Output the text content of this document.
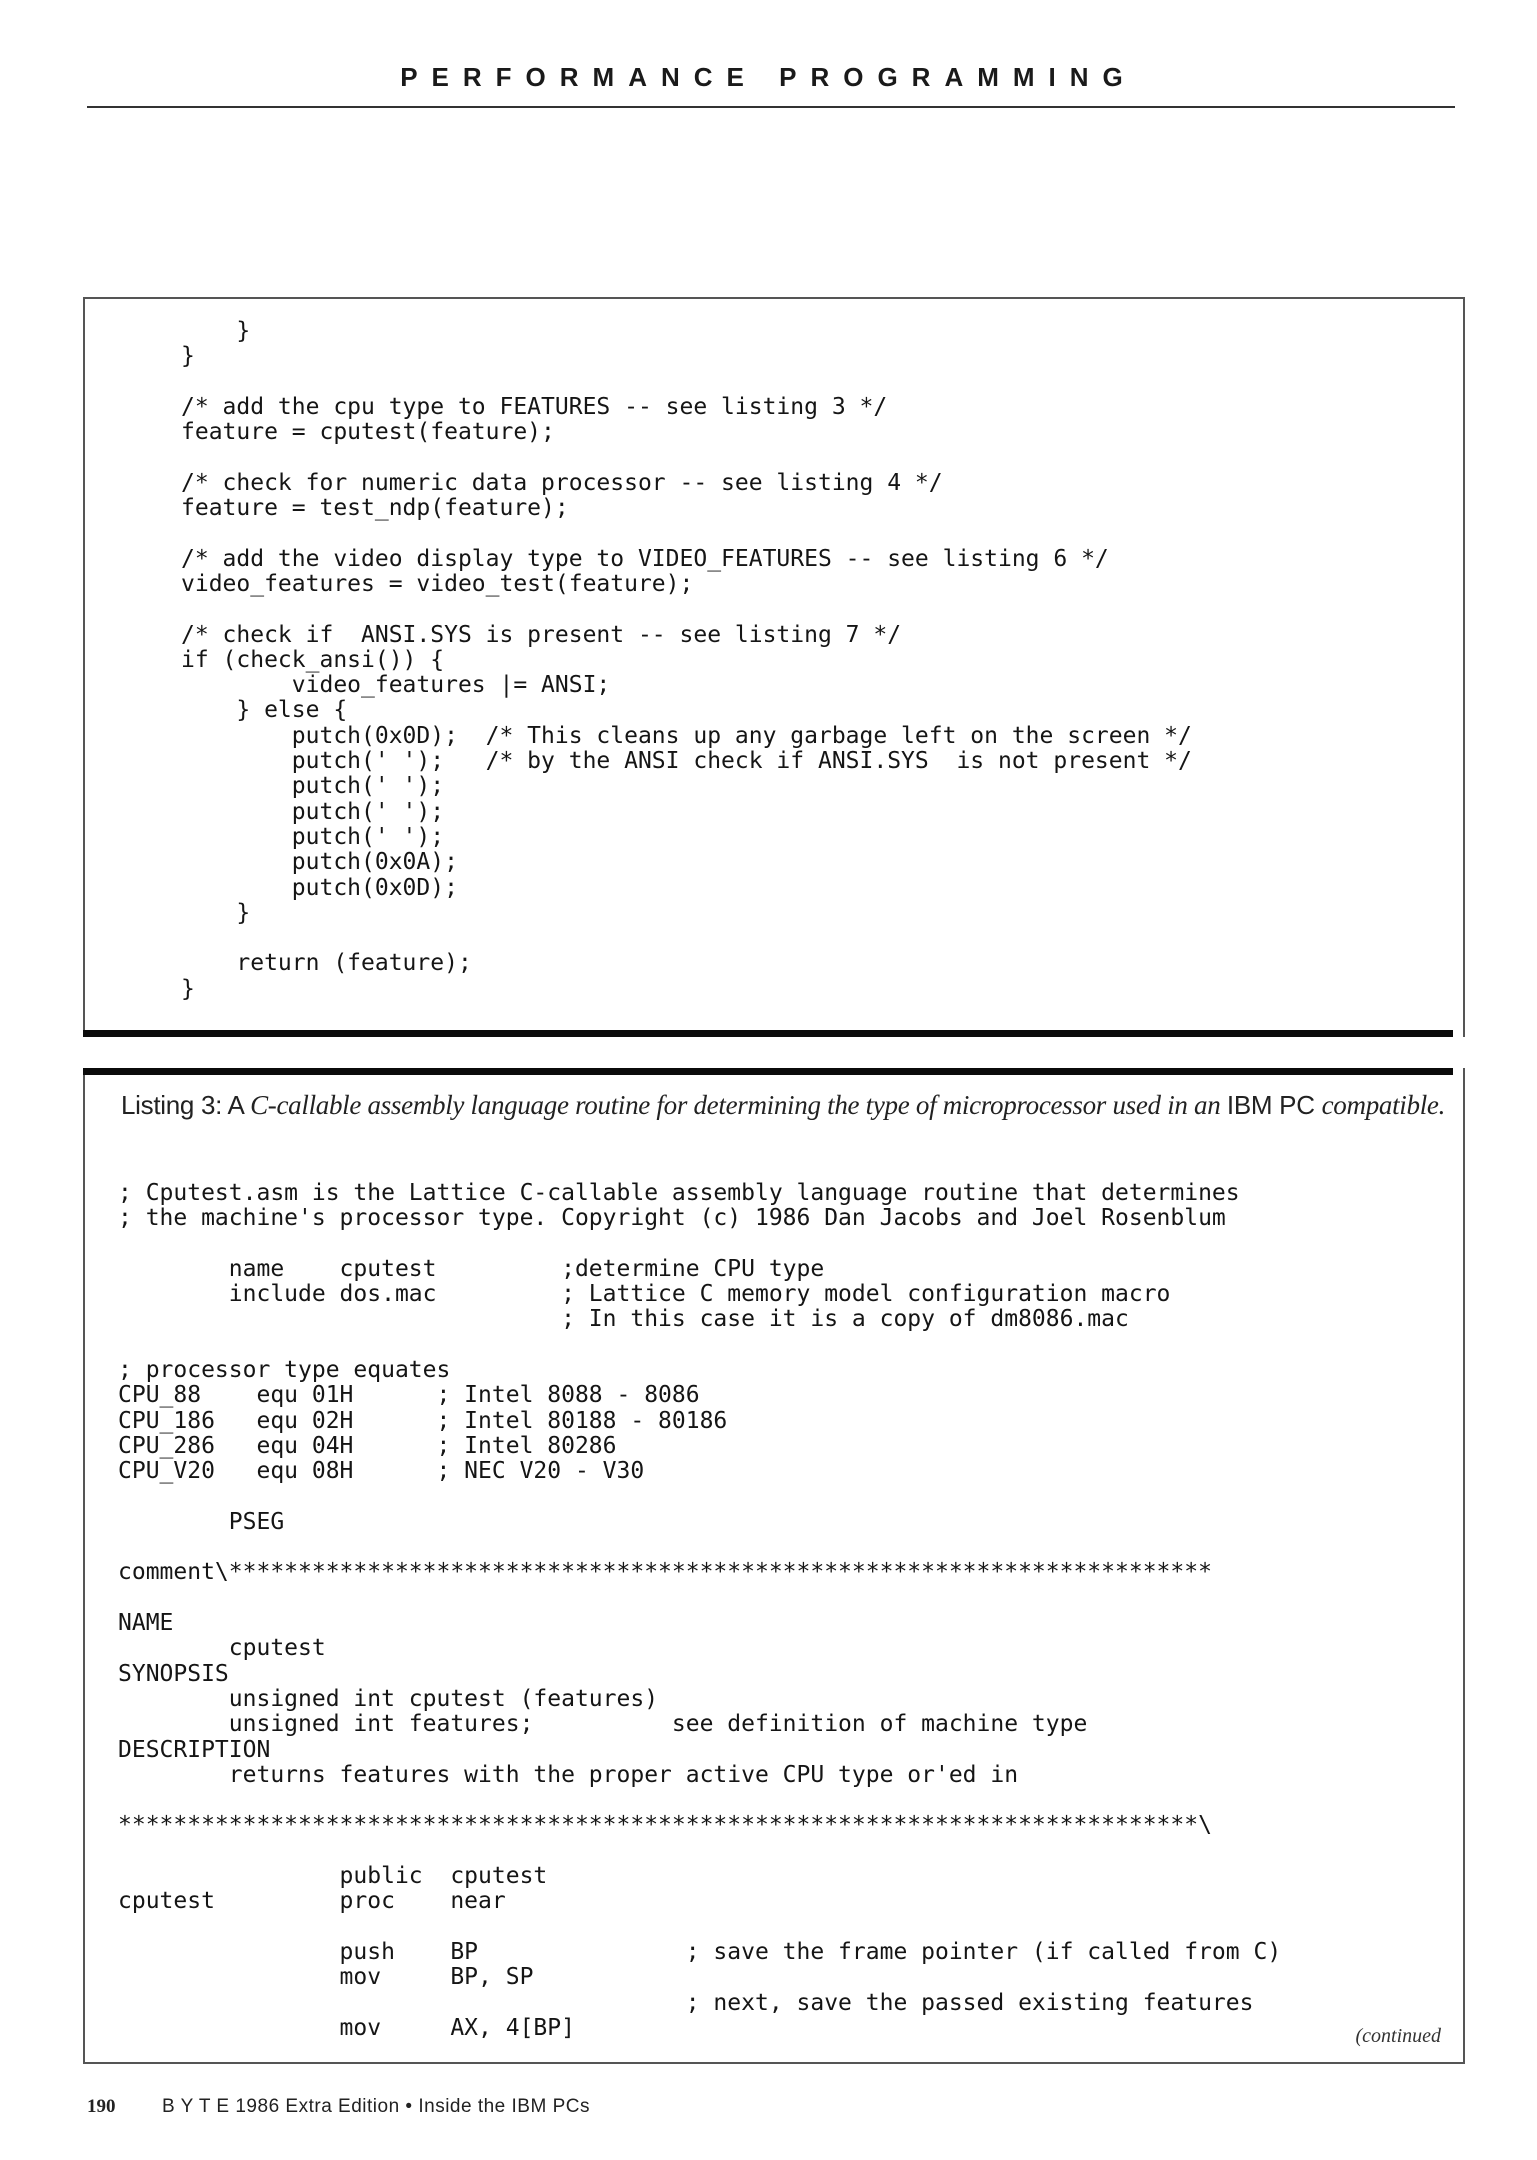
PERFORMANCE PROGRAMMING
}
}
/* add the cpu type to FEATURES -- see listing 3 */
feature = cputest(feature);
/* check for numeric data processor -- see listing 4 */
feature = test_ndp(feature);
/* add the video display type to VIDEO_FEATURES -- see listing 6 */
video_features = video_test(feature);
/* check if  ANSI.SYS is present -- see listing 7 */
if (check_ansi()) {
video_features |= ANSI;
} else {
putch(0x0D);  /* This cleans up any garbage left on the screen */
putch(' ');   /* by the ANSI check if ANSI.SYS  is not present */
putch(' ');
putch(' ');
putch(' ');
putch(0x0A);
putch(0x0D);
}
return (feature);
}
Listing 3: A C-callable assembly language routine for determining the type of microprocessor used in an IBM PC compatible.
; Cputest.asm is the Lattice C-callable assembly language routine that determines
; the machine's processor type. Copyright (c) 1986 Dan Jacobs and Joel Rosenblum
name    cputest         ;determine CPU type
include dos.mac         ; Lattice C memory model configuration macro
; In this case it is a copy of dm8086.mac
; processor type equates
CPU_88    equ 01H      ; Intel 8088 - 8086
CPU_186   equ 02H      ; Intel 80188 - 80186
CPU_286   equ 04H      ; Intel 80286
CPU_V20   equ 08H      ; NEC V20 - V30
PSEG
comment\***********************************************************************
NAME
cputest
SYNOPSIS
unsigned int cputest (features)
unsigned int features;          see definition of machine type
DESCRIPTION
returns features with the proper active CPU type or'ed in
******************************************************************************\
public  cputest
cputest         proc    near
push    BP               ; save the frame pointer (if called from C)
mov     BP, SP
; next, save the passed existing features
mov     AX, 4[BP]	(continued
190 B Y T E 1986 Extra Edition • Inside the IBM PCs
